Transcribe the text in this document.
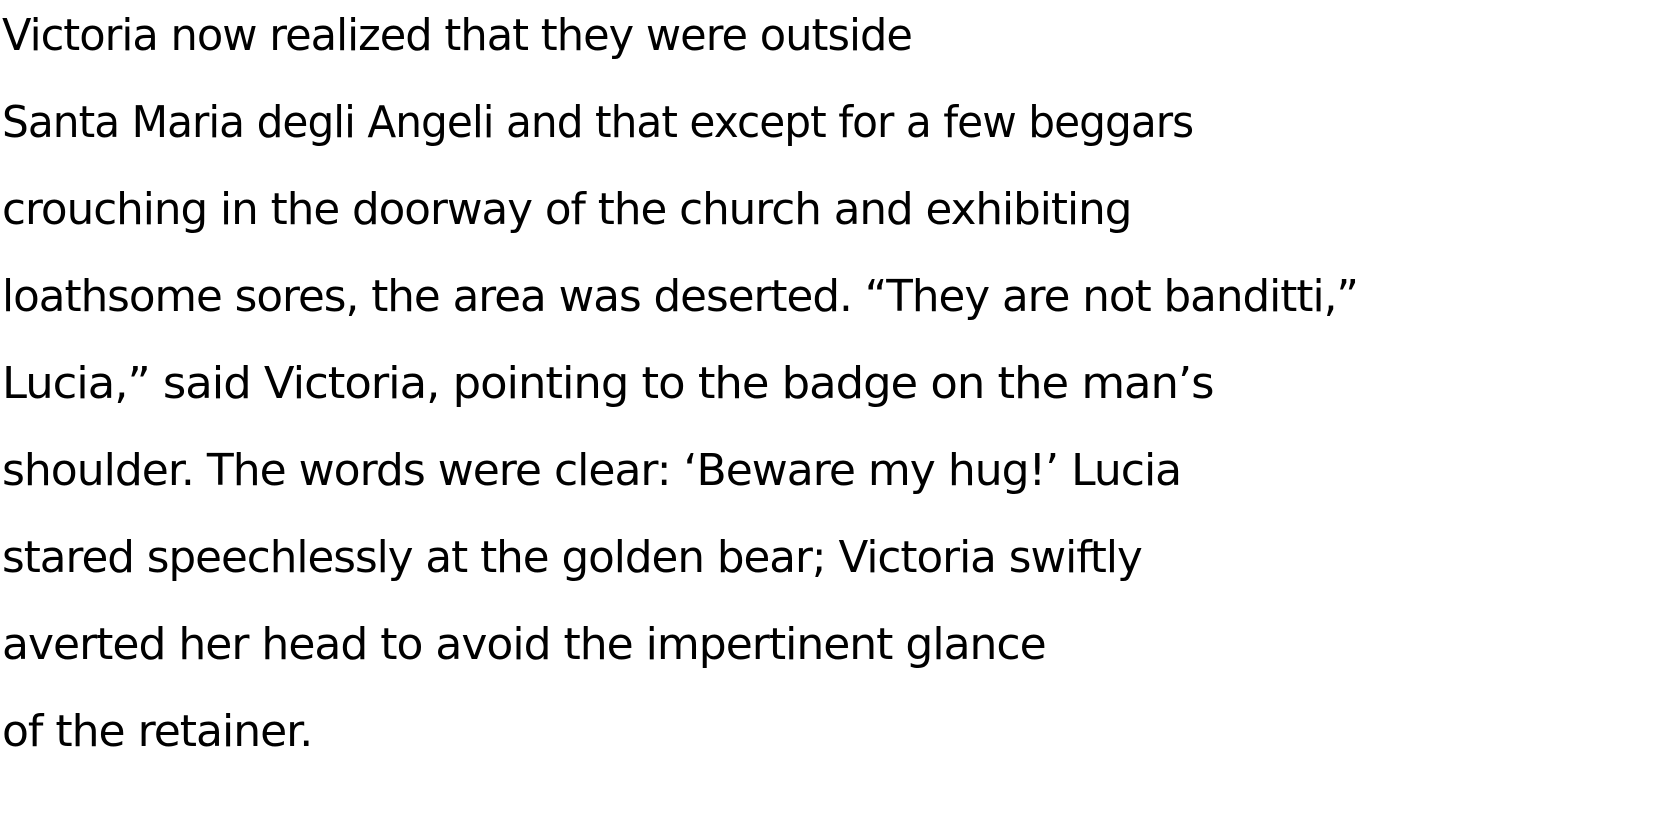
Victoria now realized that they were outside
Santa Maria degli Angeli and that except for a few beggars
crouching in the doorway of the church and exhibiting
loathsome sores, the area was deserted. “They are not banditti,”
Lucia,” said Victoria, pointing to the badge on the man’s
shoulder. The words were clear: ‘Beware my hug!’ Lucia
stared speechlessly at the golden bear; Victoria swiftly
averted her head to avoid the impertinent glance
of the retainer.
